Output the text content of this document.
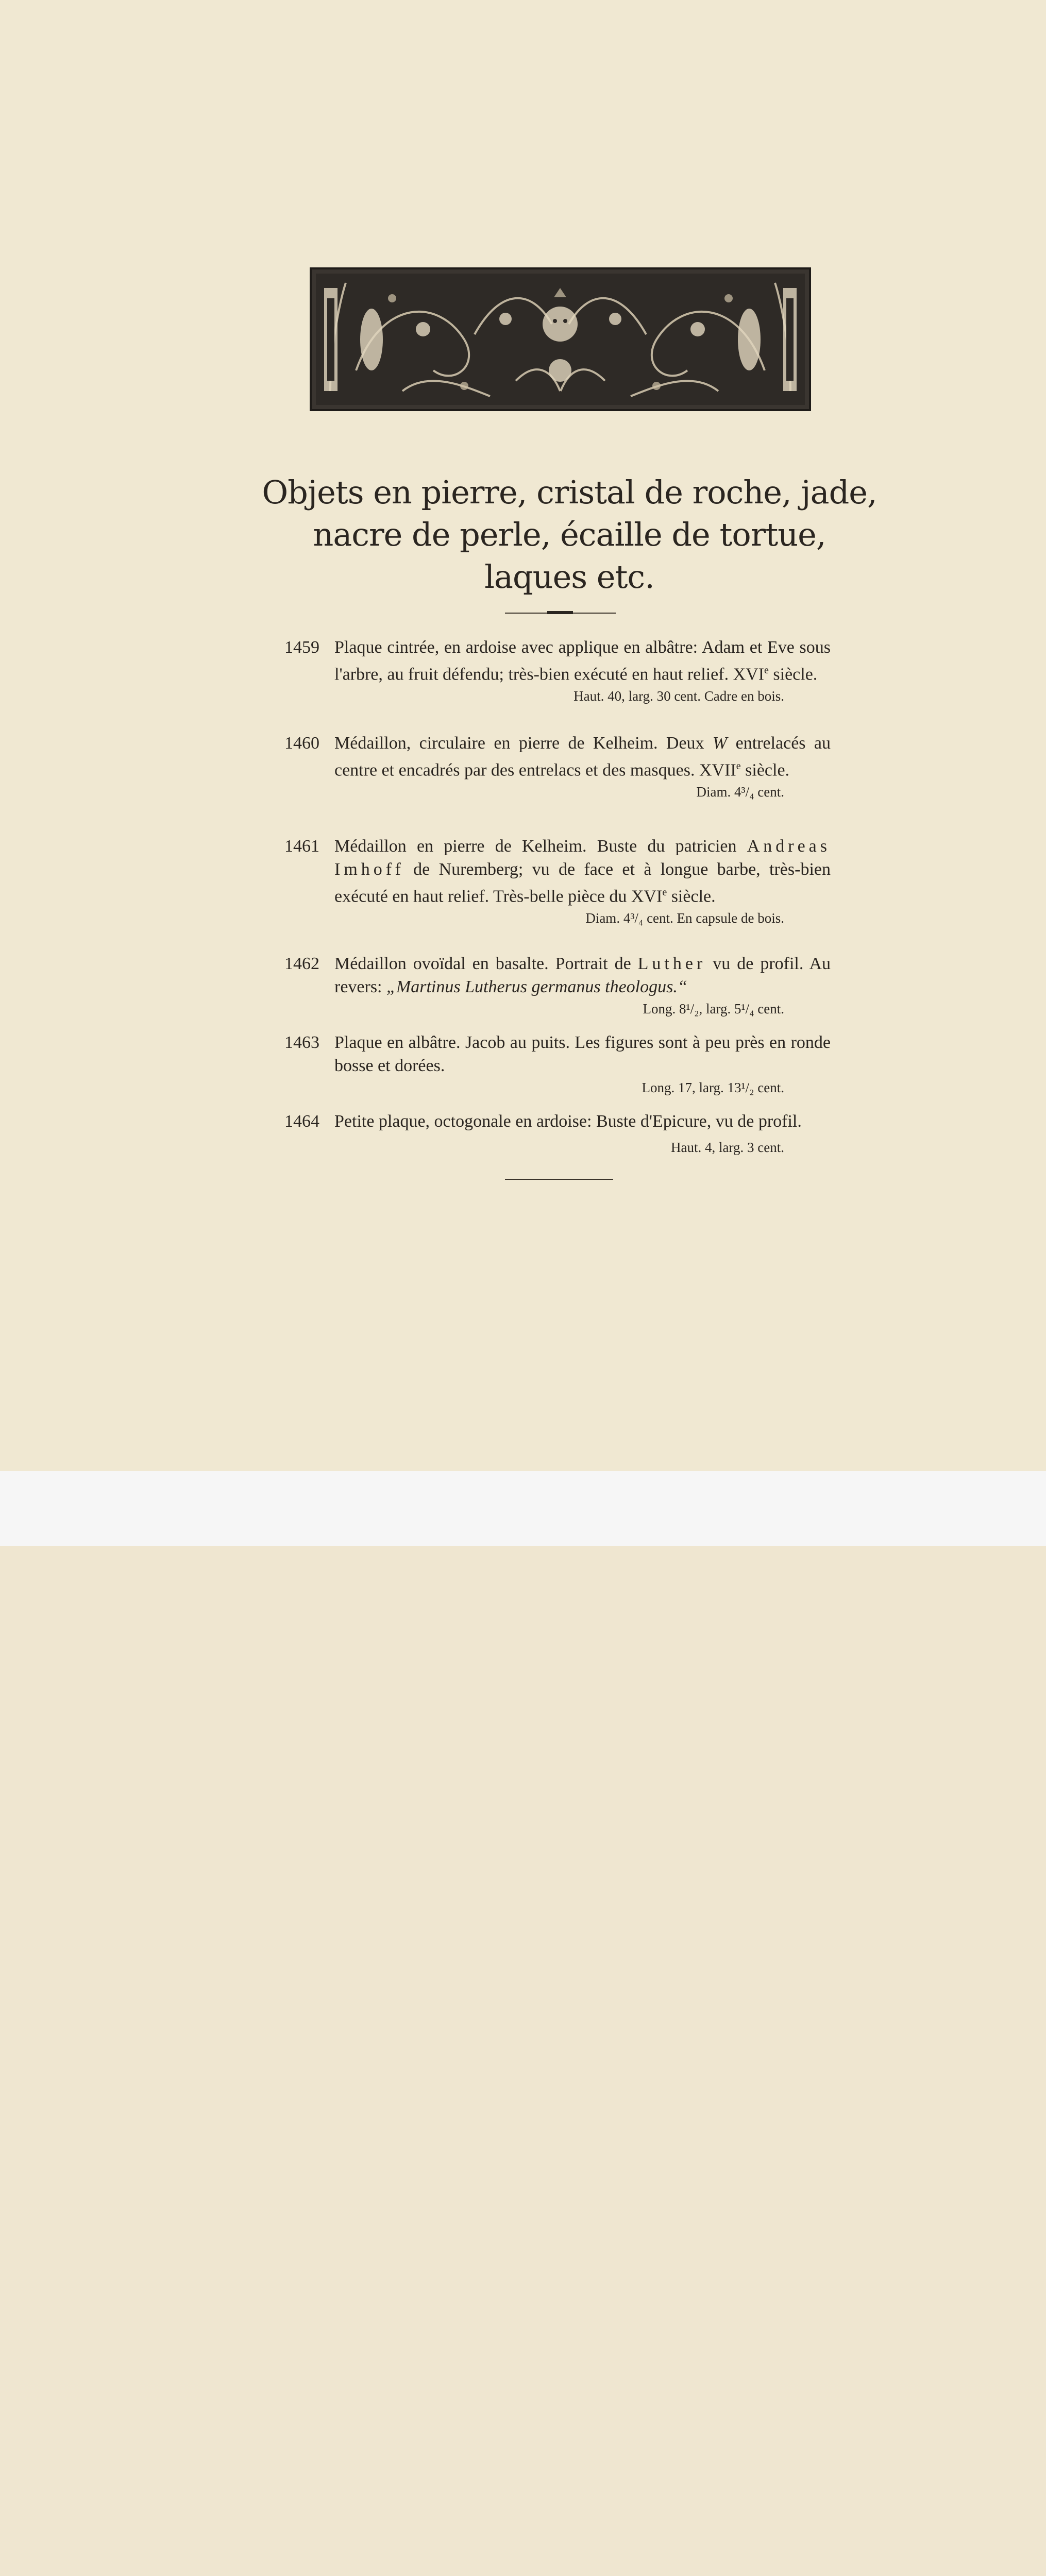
Objets en pierre, cristal de roche, jade,
nacre de perle, écaille de tortue,
laques etc.
1459 Plaque cintrée, en ardoise avec applique en albâtre: Adam et Eve sous l'arbre, au fruit défendu; très-bien exécuté en haut relief. XVIe siècle.
Haut. 40, larg. 30 cent. Cadre en bois.
1460 Médaillon, circulaire en pierre de Kelheim. Deux W entrelacés au centre et encadrés par des entrelacs et des masques. XVIIe siècle.
Diam. 4³/₄ cent.
1461 Médaillon en pierre de Kelheim. Buste du patricien Andreas Imhoff de Nuremberg; vu de face et à longue barbe, très-bien exécuté en haut relief. Très-belle pièce du XVIe siècle.
Diam. 4³/₄ cent. En capsule de bois.
1462 Médaillon ovoïdal en basalte. Portrait de Luther vu de profil. Au revers: „Martinus Lutherus germanus theologus.“
Long. 8¹/₂, larg. 5¹/₄ cent.
1463 Plaque en albâtre. Jacob au puits. Les figures sont à peu près en ronde bosse et dorées.
Long. 17, larg. 13¹/₂ cent.
1464 Petite plaque, octogonale en ardoise: Buste d'Epicure, vu de profil.
Haut. 4, larg. 3 cent.
